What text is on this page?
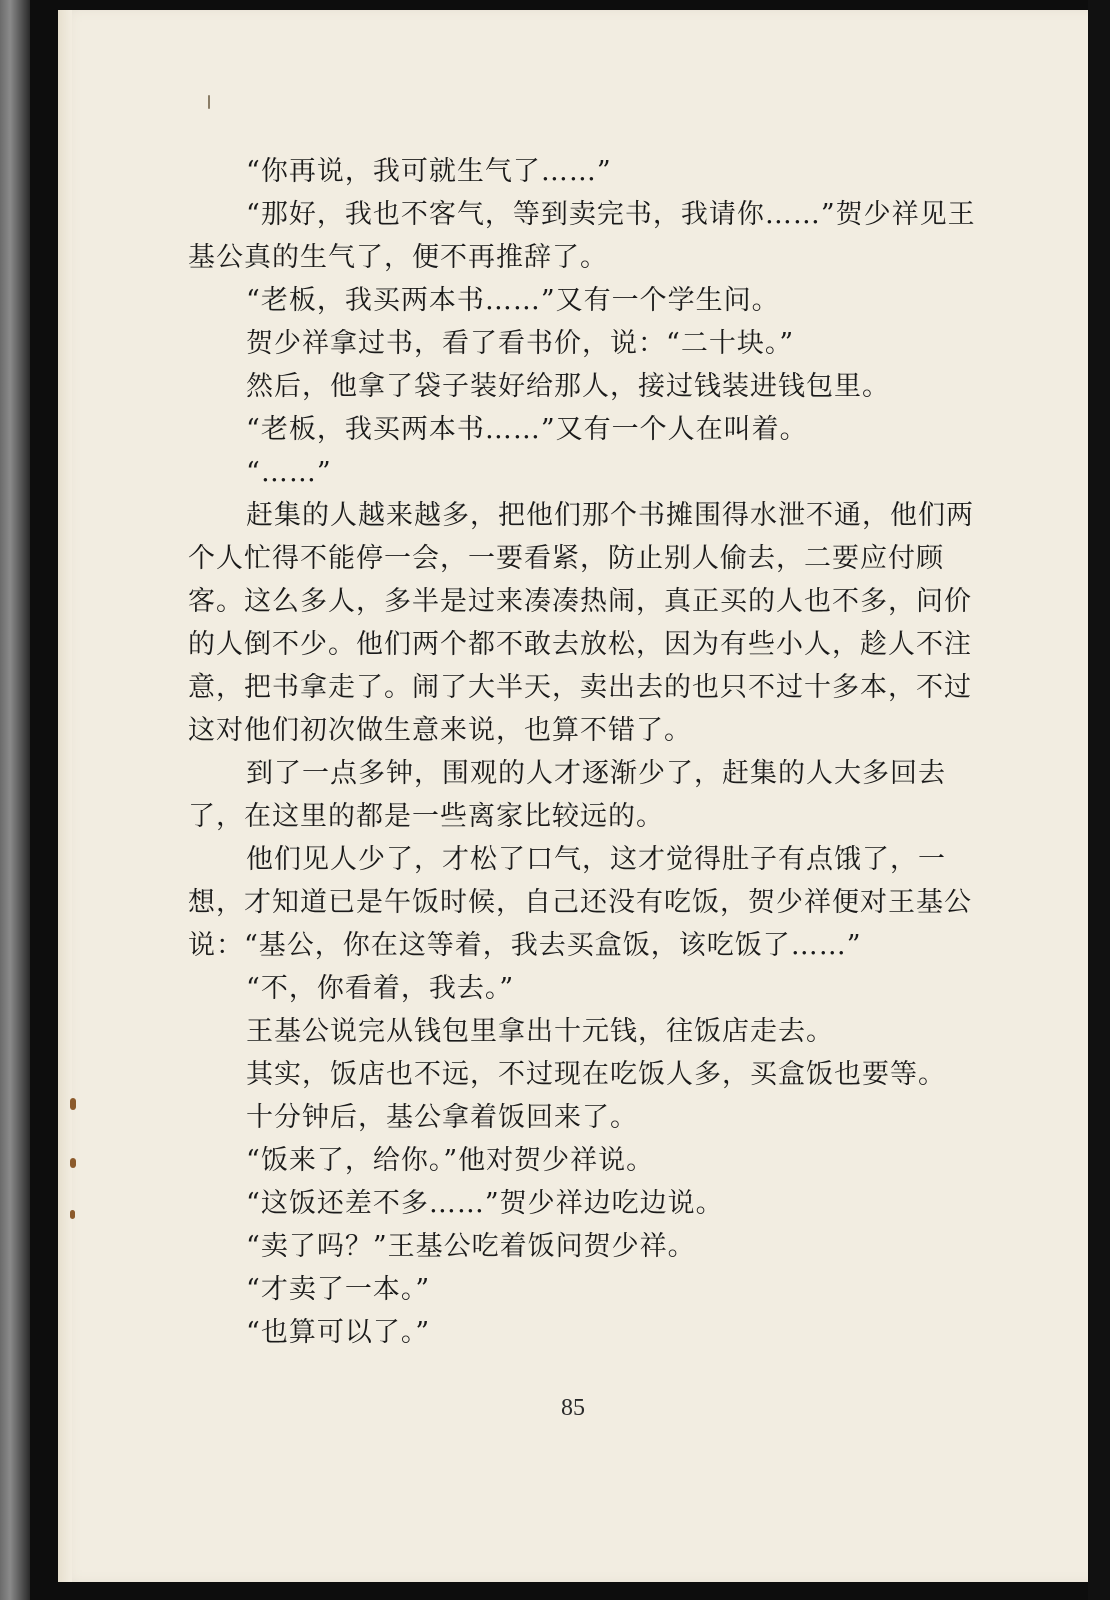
“你再说，我可就生气了……”

“那好，我也不客气，等到卖完书，我请你……”贺少祥见王基公真的生气了，便不再推辞了。

“老板，我买两本书……”又有一个学生问。

贺少祥拿过书，看了看书价，说：“二十块。”

然后，他拿了袋子装好给那人，接过钱装进钱包里。

“老板，我买两本书……”又有一个人在叫着。

“……”

赶集的人越来越多，把他们那个书摊围得水泄不通，他们两个人忙得不能停一会，一要看紧，防止别人偷去，二要应付顾客。这么多人，多半是过来凑凑热闹，真正买的人也不多，问价的人倒不少。他们两个都不敢去放松，因为有些小人，趁人不注意，把书拿走了。闹了大半天，卖出去的也只不过十多本，不过这对他们初次做生意来说，也算不错了。

到了一点多钟，围观的人才逐渐少了，赶集的人大多回去了，在这里的都是一些离家比较远的。

他们见人少了，才松了口气，这才觉得肚子有点饿了，一想，才知道已是午饭时候，自己还没有吃饭，贺少祥便对王基公说：“基公，你在这等着，我去买盒饭，该吃饭了……”

“不，你看着，我去。”

王基公说完从钱包里拿出十元钱，往饭店走去。

其实，饭店也不远，不过现在吃饭人多，买盒饭也要等。

十分钟后，基公拿着饭回来了。

“饭来了，给你。”他对贺少祥说。

“这饭还差不多……”贺少祥边吃边说。

“卖了吗？”王基公吃着饭问贺少祥。

“才卖了一本。”

“也算可以了。”

85
